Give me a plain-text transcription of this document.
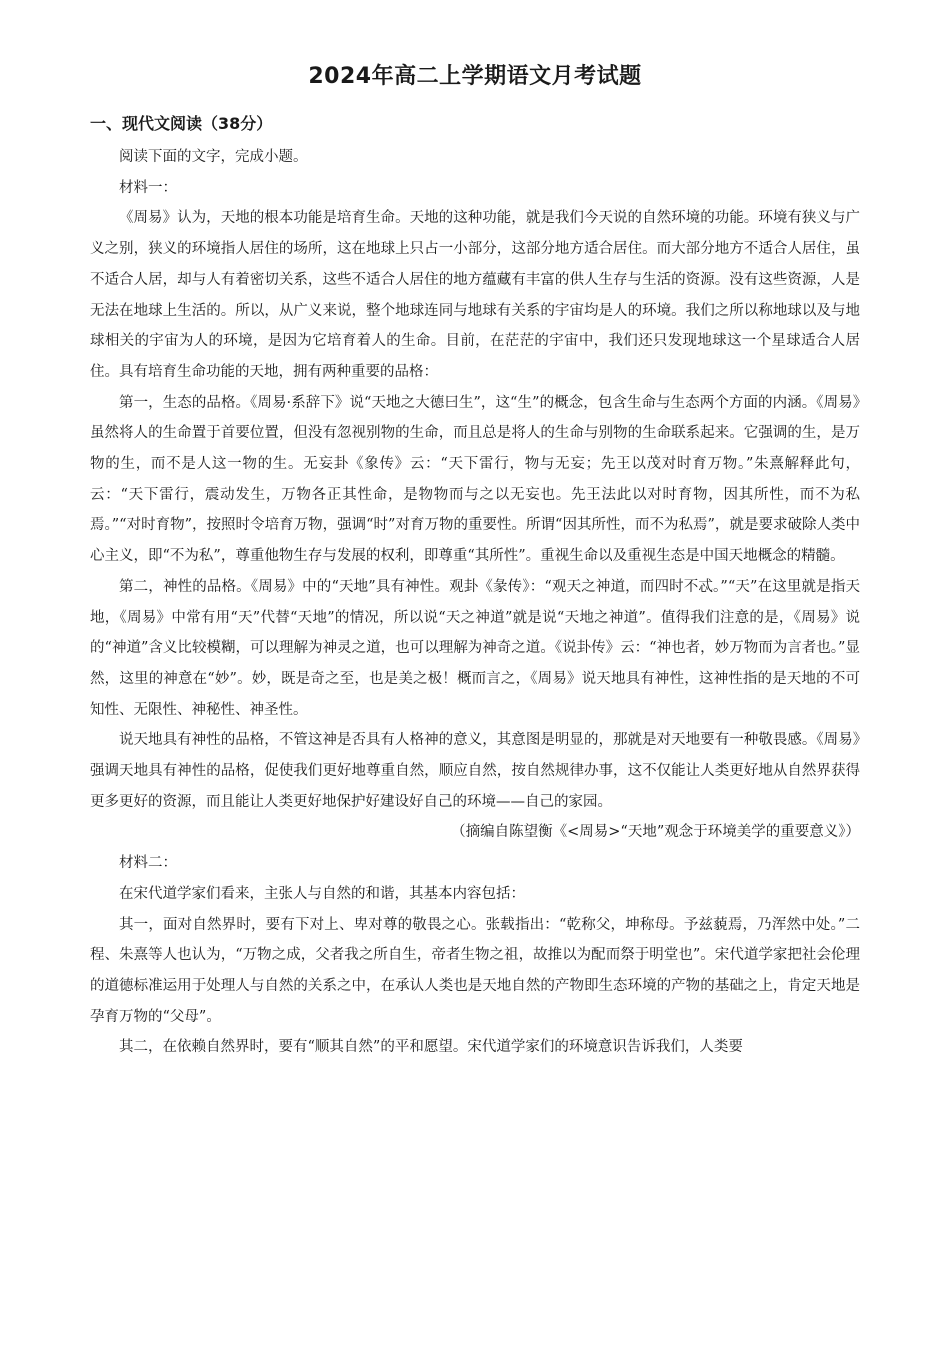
2024年高二上学期语文月考试题
一、现代文阅读（38分）

阅读下面的文字，完成小题。

材料一：

《周易》认为，天地的根本功能是培育生命。天地的这种功能，就是我们今天说的自然环境的功能。环境有狭义与广义之别，狭义的环境指人居住的场所，这在地球上只占一小部分，这部分地方适合居住。而大部分地方不适合人居住，虽不适合人居，却与人有着密切关系，这些不适合人居住的地方蕴藏有丰富的供人生存与生活的资源。没有这些资源，人是无法在地球上生活的。所以，从广义来说，整个地球连同与地球有关系的宇宙均是人的环境。我们之所以称地球以及与地球相关的宇宙为人的环境，是因为它培育着人的生命。目前，在茫茫的宇宙中，我们还只发现地球这一个星球适合人居住。具有培育生命功能的天地，拥有两种重要的品格：

第一，生态的品格。《周易·系辞下》说“天地之大德曰生”，这“生”的概念，包含生命与生态两个方面的内涵。《周易》虽然将人的生命置于首要位置，但没有忽视别物的生命，而且总是将人的生命与别物的生命联系起来。它强调的生，是万物的生，而不是人这一物的生。无妄卦《象传》云：“天下雷行，物与无妄；先王以茂对时育万物。”朱熹解释此句，云：“天下雷行，震动发生，万物各正其性命，是物物而与之以无妄也。先王法此以对时育物，因其所性，而不为私焉。”“对时育物”，按照时令培育万物，强调“时”对育万物的重要性。所谓“因其所性，而不为私焉”，就是要求破除人类中心主义，即“不为私”，尊重他物生存与发展的权利，即尊重“其所性”。重视生命以及重视生态是中国天地概念的精髓。

第二，神性的品格。《周易》中的“天地”具有神性。观卦《彖传》：“观天之神道，而四时不忒。”“天”在这里就是指天地，《周易》中常有用“天”代替“天地”的情况，所以说“天之神道”就是说“天地之神道”。值得我们注意的是，《周易》说的“神道”含义比较模糊，可以理解为神灵之道，也可以理解为神奇之道。《说卦传》云：“神也者，妙万物而为言者也。”显然，这里的神意在“妙”。妙，既是奇之至，也是美之极！概而言之，《周易》说天地具有神性，这神性指的是天地的不可知性、无限性、神秘性、神圣性。

说天地具有神性的品格，不管这神是否具有人格神的意义，其意图是明显的，那就是对天地要有一种敬畏感。《周易》强调天地具有神性的品格，促使我们更好地尊重自然，顺应自然，按自然规律办事，这不仅能让人类更好地从自然界获得更多更好的资源，而且能让人类更好地保护好建设好自己的环境——自己的家园。

（摘编自陈望衡《<周易>“天地”观念于环境美学的重要意义》）

材料二：

在宋代道学家们看来，主张人与自然的和谐，其基本内容包括：

其一，面对自然界时，要有下对上、卑对尊的敬畏之心。张载指出：“乾称父，坤称母。予兹藐焉，乃浑然中处。”二程、朱熹等人也认为，“万物之成，父者我之所自生，帝者生物之祖，故推以为配而祭于明堂也”。宋代道学家把社会伦理的道德标准运用于处理人与自然的关系之中，在承认人类也是天地自然的产物即生态环境的产物的基础之上，肯定天地是孕育万物的“父母”。

其二，在依赖自然界时，要有“顺其自然”的平和愿望。宋代道学家们的环境意识告诉我们，人类要
